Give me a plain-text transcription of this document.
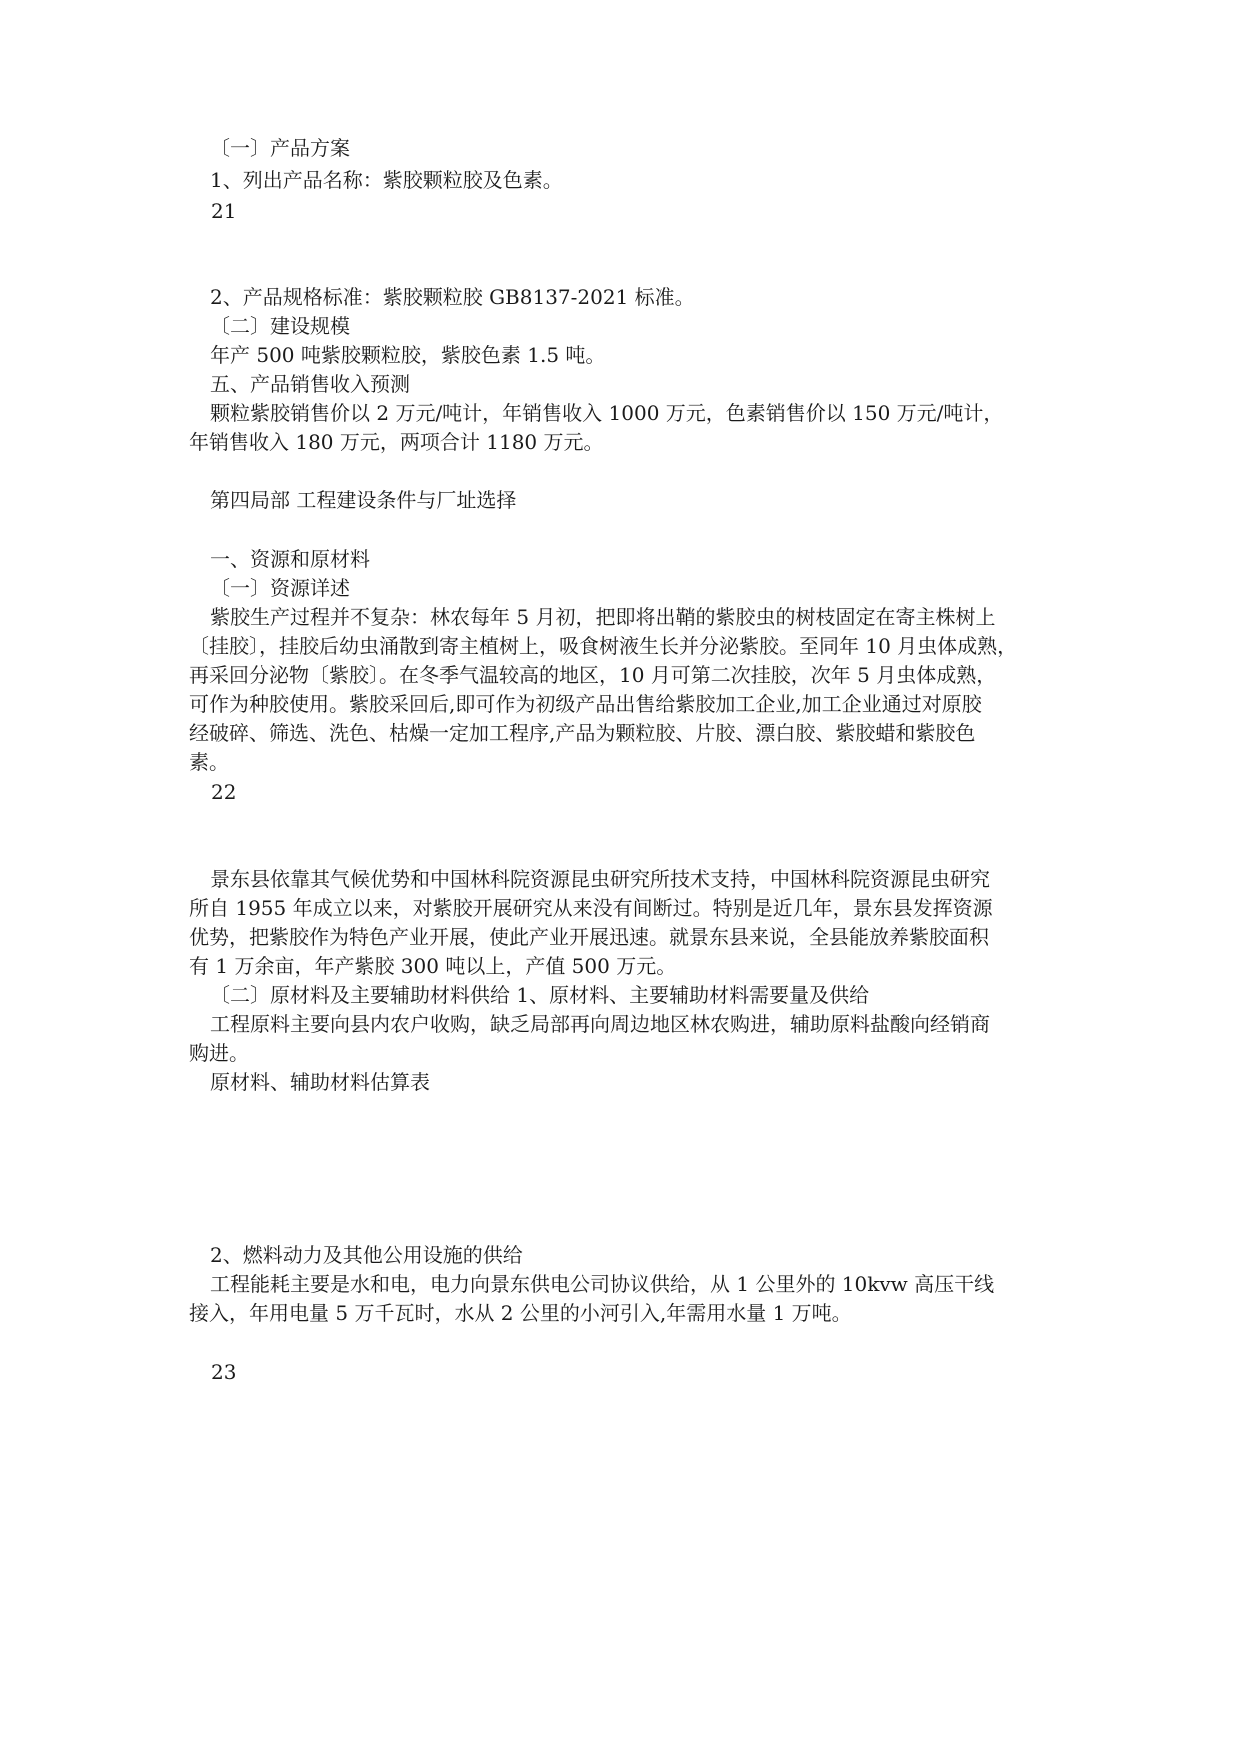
〔一〕产品方案
1、列出产品名称：紫胶颗粒胶及色素。
21
2、产品规格标准：紫胶颗粒胶 GB8137-2021 标准。
〔二〕建设规模
年产 500 吨紫胶颗粒胶，紫胶色素 1.5 吨。
五、产品销售收入预测
颗粒紫胶销售价以 2 万元/吨计，年销售收入 1000 万元，色素销售价以 150 万元/吨计，
年销售收入 180 万元，两项合计 1180 万元。
第四局部 工程建设条件与厂址选择
一、资源和原材料
〔一〕资源详述
紫胶生产过程并不复杂：林农每年 5 月初，把即将出鞘的紫胶虫的树枝固定在寄主株树上
〔挂胶〕，挂胶后幼虫涌散到寄主植树上，吸食树液生长并分泌紫胶。至同年 10 月虫体成熟，
再采回分泌物〔紫胶〕。在冬季气温较高的地区，10 月可第二次挂胶，次年 5 月虫体成熟，
可作为种胶使用。紫胶采回后,即可作为初级产品出售给紫胶加工企业,加工企业通过对原胶
经破碎、筛选、洗色、枯燥一定加工程序,产品为颗粒胶、片胶、漂白胶、紫胶蜡和紫胶色
素。
22
景东县依靠其气候优势和中国林科院资源昆虫研究所技术支持，中国林科院资源昆虫研究
所自 1955 年成立以来，对紫胶开展研究从来没有间断过。特别是近几年，景东县发挥资源
优势，把紫胶作为特色产业开展，使此产业开展迅速。就景东县来说，全县能放养紫胶面积
有 1 万余亩，年产紫胶 300 吨以上，产值 500 万元。
〔二〕原材料及主要辅助材料供给 1、原材料、主要辅助材料需要量及供给
工程原料主要向县内农户收购，缺乏局部再向周边地区林农购进，辅助原料盐酸向经销商
购进。
原材料、辅助材料估算表
2、燃料动力及其他公用设施的供给
工程能耗主要是水和电，电力向景东供电公司协议供给，从 1 公里外的 10kvw 高压干线
接入，年用电量 5 万千瓦时，水从 2 公里的小河引入,年需用水量 1 万吨。
23
